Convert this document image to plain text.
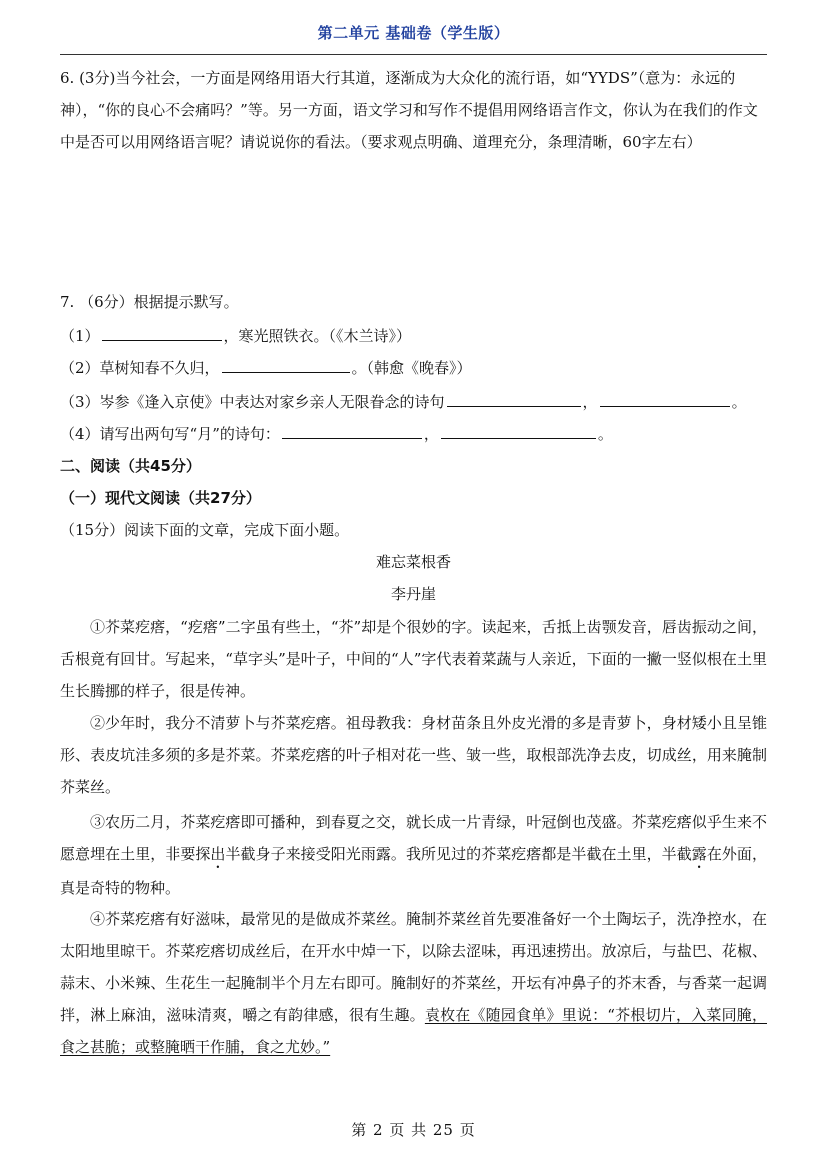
第二单元 基础卷（学生版）

6. (3分)当今社会，一方面是网络用语大行其道，逐渐成为大众化的流行语，如“YYDS”（意为：永远的神），“你的良心不会痛吗？”等。另一方面，语文学习和写作不提倡用网络语言作文，你认为在我们的作文中是否可以用网络语言呢？请说说你的看法。（要求观点明确、道理充分，条理清晰，60字左右）

7. （6分）根据提示默写。
（1）	，寒光照铁衣。（《木兰诗》）
（2）草树知春不久归，	。（韩愈《晚春》）
（3）岑参《逢入京使》中表达对家乡亲人无限眷念的诗句	，	。
（4）请写出两句写“月”的诗句：	，	。
二、阅读（共45分）
（一）现代文阅读（共27分）
（15分）阅读下面的文章，完成下面小题。
难忘菜根香
李丹崖

①芥菜疙瘩，“疙瘩”二字虽有些土，“芥”却是个很妙的字。读起来，舌抵上齿颚发音，唇齿振动之间，舌根竟有回甘。写起来，“草字头”是叶子，中间的“人”字代表着菜蔬与人亲近，下面的一撇一竖似根在土里生长腾挪的样子，很是传神。

②少年时，我分不清萝卜与芥菜疙瘩。祖母教我：身材苗条且外皮光滑的多是青萝卜，身材矮小且呈锥形、表皮坑洼多须的多是芥菜。芥菜疙瘩的叶子相对花一些、皱一些，取根部洗净去皮，切成丝，用来腌制芥菜丝。

③农历二月，芥菜疙瘩即可播种，到春夏之交，就长成一片青绿，叶冠倒也茂盛。芥菜疙瘩似乎生来不愿意埋在土里，非要探出半截身子来接受阳光雨露。我所见过的芥菜疙瘩都是半截在土里，半截露在外面，真是奇特的物种。

④芥菜疙瘩有好滋味，最常见的是做成芥菜丝。腌制芥菜丝首先要准备好一个土陶坛子，洗净控水，在太阳地里晾干。芥菜疙瘩切成丝后，在开水中焯一下，以除去涩味，再迅速捞出。放凉后，与盐巴、花椒、蒜末、小米辣、生花生一起腌制半个月左右即可。腌制好的芥菜丝，开坛有冲鼻子的芥末香，与香菜一起调拌，淋上麻油，滋味清爽，嚼之有韵律感，很有生趣。袁枚在《随园食单》里说：“芥根切片，入菜同腌，食之甚脆；或整腌晒干作脯，食之尤妙。”

第 2 页 共 25 页
